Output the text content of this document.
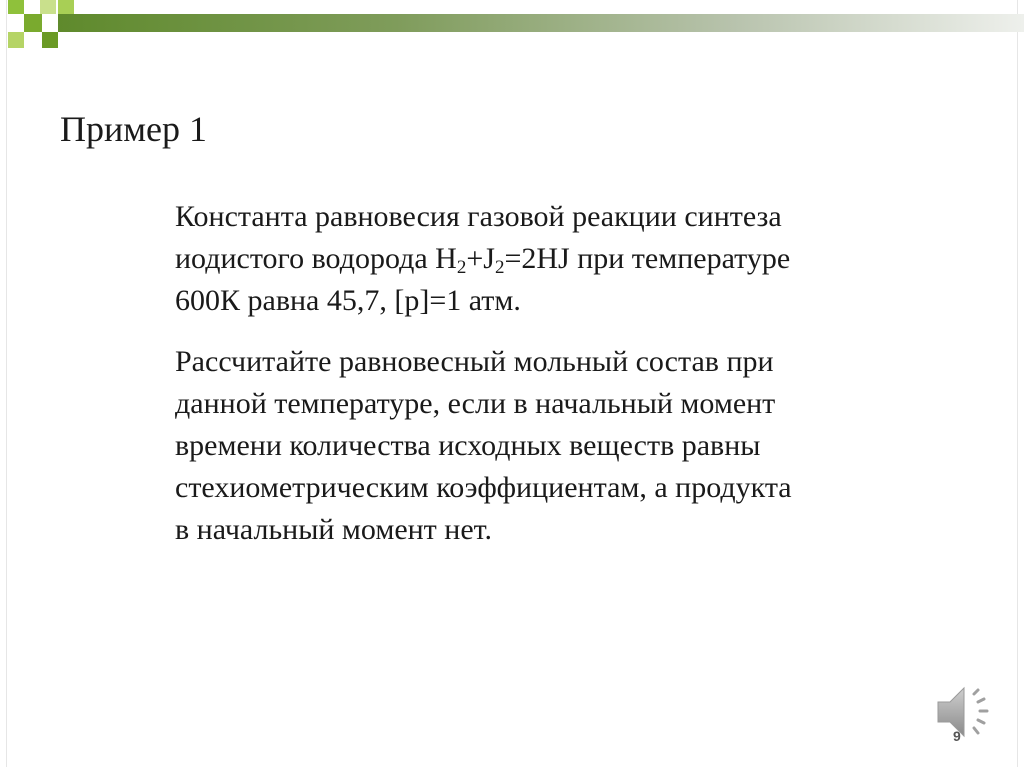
Пример 1

Константа равновесия газовой реакции синтеза
иодистого водорода $H_2+J_2=2HJ$ при температуре
600К равна 45,7, [p]=1 атм.

Рассчитайте равновесный мольный состав при
данной температуре, если в начальный момент
времени количества исходных веществ равны
стехиометрическим коэффициентам, а продукта
в начальный момент нет.

9
